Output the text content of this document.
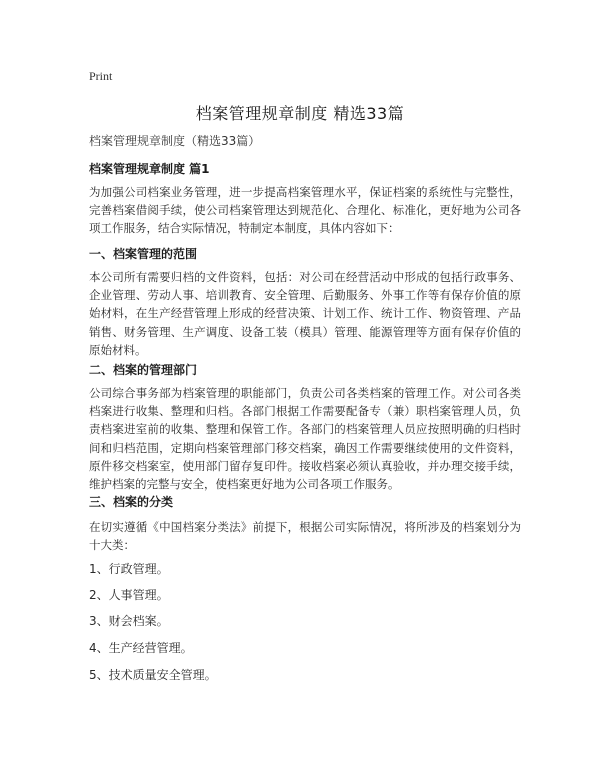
Print
档案管理规章制度 精选33篇
档案管理规章制度（精选33篇）
档案管理规章制度 篇1

为加强公司档案业务管理，进一步提高档案管理水平，保证档案的系统性与完整性，完善档案借阅手续，使公司档案管理达到规范化、合理化、标准化，更好地为公司各项工作服务，结合实际情况，特制定本制度，具体内容如下：

一、档案管理的范围

本公司所有需要归档的文件资料，包括：对公司在经营活动中形成的包括行政事务、企业管理、劳动人事、培训教育、安全管理、后勤服务、外事工作等有保存价值的原始材料，在生产经营管理上形成的经营决策、计划工作、统计工作、物资管理、产品销售、财务管理、生产调度、设备工装（模具）管理、能源管理等方面有保存价值的原始材料。

二、档案的管理部门

公司综合事务部为档案管理的职能部门，负责公司各类档案的管理工作。对公司各类档案进行收集、整理和归档。各部门根据工作需要配备专（兼）职档案管理人员，负责档案进室前的收集、整理和保管工作。各部门的档案管理人员应按照明确的归档时间和归档范围，定期向档案管理部门移交档案，确因工作需要继续使用的文件资料，原件移交档案室，使用部门留存复印件。接收档案必须认真验收，并办理交接手续，维护档案的完整与安全，使档案更好地为公司各项工作服务。

三、档案的分类

在切实遵循《中国档案分类法》前提下，根据公司实际情况，将所涉及的档案划分为十大类：

1、行政管理。
2、人事管理。
3、财会档案。
4、生产经营管理。
5、技术质量安全管理。
